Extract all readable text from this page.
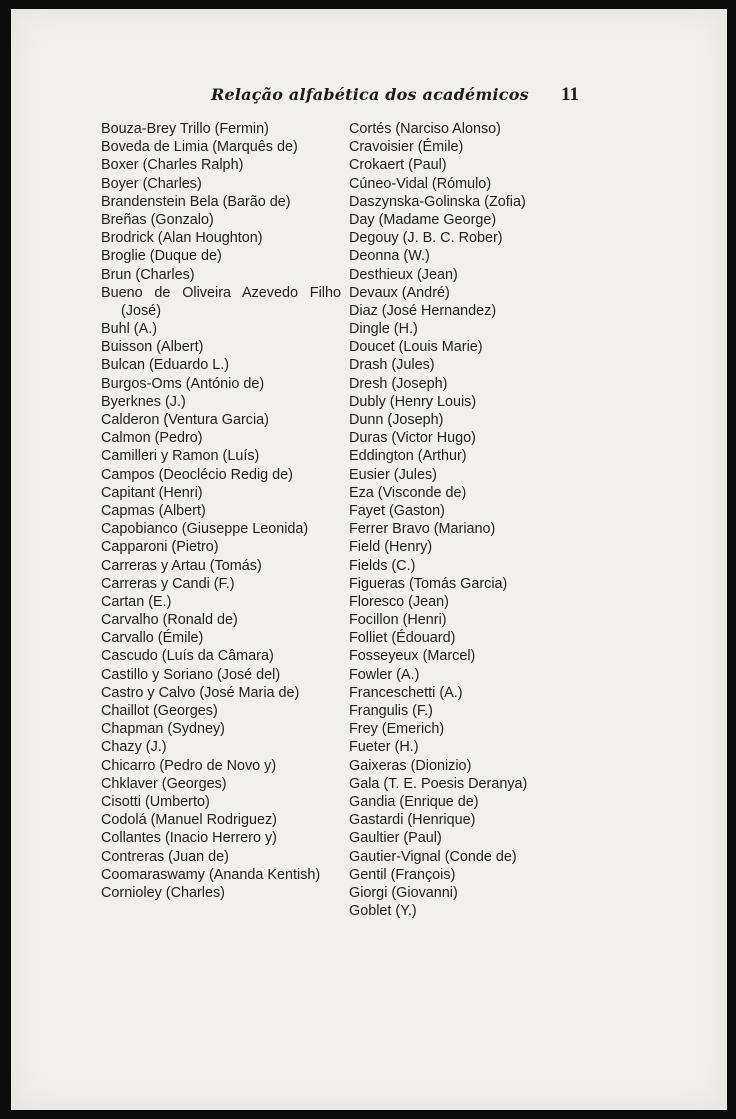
Relação alfabética dos académicos 11
Bouza-Brey Trillo (Fermin)
Boveda de Limia (Marquês de)
Boxer (Charles Ralph)
Boyer (Charles)
Brandenstein Bela (Barão de)
Breñas (Gonzalo)
Brodrick (Alan Houghton)
Broglie (Duque de)
Brun (Charles)
Bueno de Oliveira Azevedo Filho (José)
Buhl (A.)
Buisson (Albert)
Bulcan (Eduardo L.)
Burgos-Oms (António de)
Byerknes (J.)
Calderon (Ventura Garcia)
Calmon (Pedro)
Camilleri y Ramon (Luís)
Campos (Deoclécio Redig de)
Capitant (Henri)
Capmas (Albert)
Capobianco (Giuseppe Leonida)
Capparoni (Pietro)
Carreras y Artau (Tomás)
Carreras y Candi (F.)
Cartan (E.)
Carvalho (Ronald de)
Carvallo (Émile)
Cascudo (Luís da Câmara)
Castillo y Soriano (José del)
Castro y Calvo (José Maria de)
Chaillot (Georges)
Chapman (Sydney)
Chazy (J.)
Chicarro (Pedro de Novo y)
Chklaver (Georges)
Cisotti (Umberto)
Codolá (Manuel Rodriguez)
Collantes (Inacio Herrero y)
Contreras (Juan de)
Coomaraswamy (Ananda Kentish)
Cornioley (Charles)
Cortés (Narciso Alonso)
Cravoisier (Émile)
Crokaert (Paul)
Cúneo-Vidal (Rómulo)
Daszynska-Golinska (Zofia)
Day (Madame George)
Degouy (J. B. C. Rober)
Deonna (W.)
Desthieux (Jean)
Devaux (André)
Diaz (José Hernandez)
Dingle (H.)
Doucet (Louis Marie)
Drash (Jules)
Dresh (Joseph)
Dubly (Henry Louis)
Dunn (Joseph)
Duras (Victor Hugo)
Eddington (Arthur)
Eusier (Jules)
Eza (Visconde de)
Fayet (Gaston)
Ferrer Bravo (Mariano)
Field (Henry)
Fields (C.)
Figueras (Tomás Garcia)
Floresco (Jean)
Focillon (Henri)
Folliet (Édouard)
Fosseyeux (Marcel)
Fowler (A.)
Franceschetti (A.)
Frangulis (F.)
Frey (Emerich)
Fueter (H.)
Gaixeras (Dionizio)
Gala (T. E. Poesis Deranya)
Gandia (Enrique de)
Gastardi (Henrique)
Gaultier (Paul)
Gautier-Vignal (Conde de)
Gentil (François)
Giorgi (Giovanni)
Goblet (Y.)
